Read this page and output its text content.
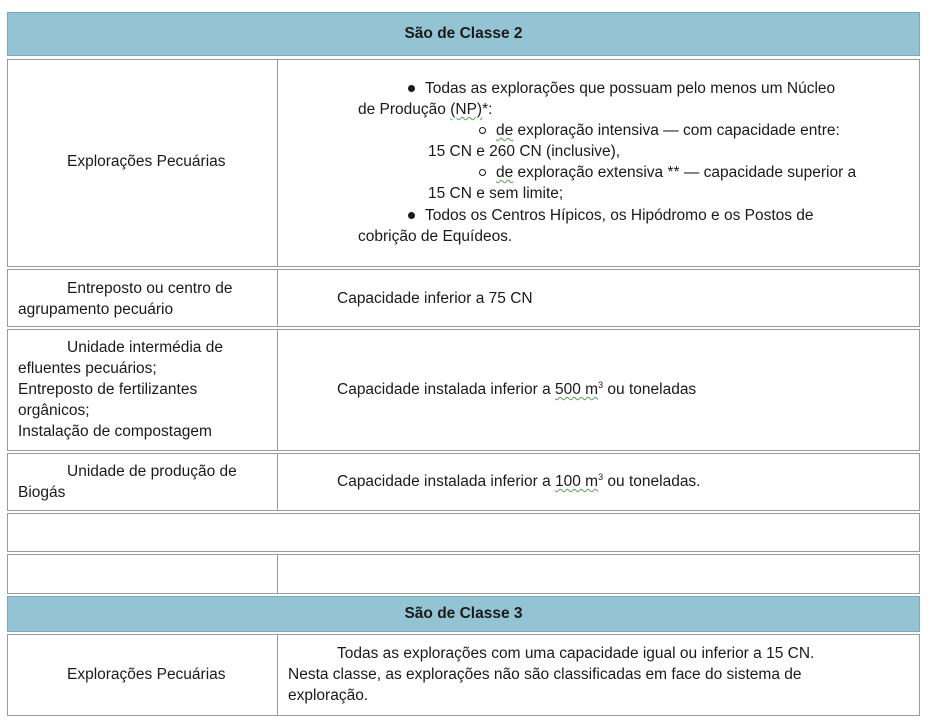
São de Classe 2
Explorações Pecuárias
Todas as explorações que possuam pelo menos um Núcleo
de Produção (NP)*:
de exploração intensiva — com capacidade entre:
15 CN e 260 CN (inclusive),
de exploração extensiva ** — capacidade superior a
15 CN e sem limite;
Todos os Centros Hípicos, os Hipódromo e os Postos de
cobrição de Equídeos.
Entreposto ou centro de
agrupamento pecuário
Capacidade inferior a 75 CN
Unidade intermédia de
efluentes pecuários;
Entreposto de fertilizantes
orgânicos;
Instalação de compostagem
Capacidade instalada inferior a 500 $m^3$ ou toneladas
Unidade de produção de
Biogás
Capacidade instalada inferior a 100 $m^3$ ou toneladas.
São de Classe 3
Explorações Pecuárias
Todas as explorações com uma capacidade igual ou inferior a 15 CN.
Nesta classe, as explorações não são classificadas em face do sistema de
exploração.
